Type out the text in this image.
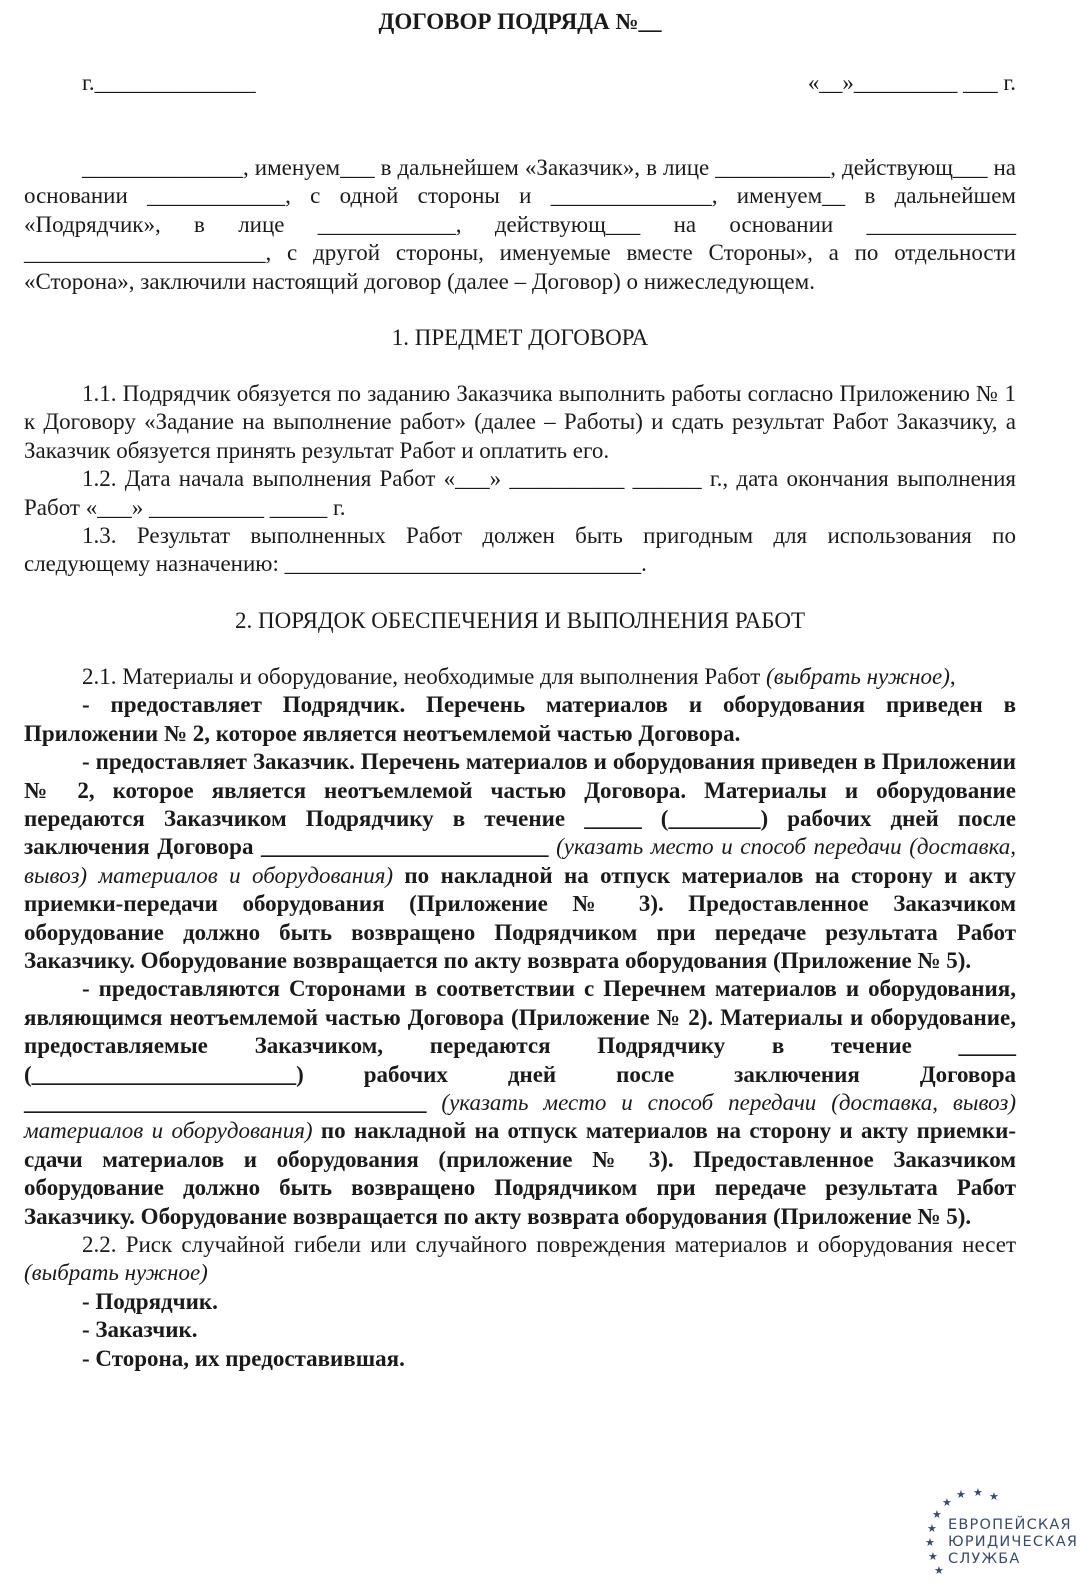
ДОГОВОР ПОДРЯДА №__
г.______________	«__»_________ ___ г.

______________, именуем___ в дальнейшем «Заказчик», в лице __________, действующ___ на основании ____________, с одной стороны и ______________, именуем__ в дальнейшем «Подрядчик», в лице ____________, действующ___ на основании _____________ _____________________, с другой стороны, именуемые вместе Стороны», а по отдельности «Сторона», заключили настоящий договор (далее – Договор) о нижеследующем.

1. ПРЕДМЕТ ДОГОВОРА

1.1. Подрядчик обязуется по заданию Заказчика выполнить работы согласно Приложению № 1 к Договору «Задание на выполнение работ» (далее – Работы) и сдать результат Работ Заказчику, а Заказчик обязуется принять результат Работ и оплатить его.

1.2. Дата начала выполнения Работ «___» __________ ______ г., дата окончания выполнения Работ «___» __________ _____ г.

1.3. Результат выполненных Работ должен быть пригодным для использования по следующему назначению: _______________________________.

2. ПОРЯДОК ОБЕСПЕЧЕНИЯ И ВЫПОЛНЕНИЯ РАБОТ

2.1. Материалы и оборудование, необходимые для выполнения Работ (выбрать нужное),

- предоставляет Подрядчик. Перечень материалов и оборудования приведен в Приложении № 2, которое является неотъемлемой частью Договора.

- предоставляет Заказчик. Перечень материалов и оборудования приведен в Приложении № 2, которое является неотъемлемой частью Договора. Материалы и оборудование передаются Заказчиком Подрядчику в течение _____ (________) рабочих дней после заключения Договора _________________________ (указать место и способ передачи (доставка, вывоз) материалов и оборудования) по накладной на отпуск материалов на сторону и акту приемки-передачи оборудования (Приложение № 3). Предоставленное Заказчиком оборудование должно быть возвращено Подрядчиком при передаче результата Работ Заказчику. Оборудование возвращается по акту возврата оборудования (Приложение № 5).

- предоставляются Сторонами в соответствии с Перечнем материалов и оборудования, являющимся неотъемлемой частью Договора (Приложение № 2). Материалы и оборудование, предоставляемые Заказчиком, передаются Подрядчику в течение _____ (_______________________) рабочих дней после заключения Договора ___________________________________ (указать место и способ передачи (доставка, вывоз) материалов и оборудования) по накладной на отпуск материалов на сторону и акту приемки-сдачи материалов и оборудования (приложение № 3). Предоставленное Заказчиком оборудование должно быть возвращено Подрядчиком при передаче результата Работ Заказчику. Оборудование возвращается по акту возврата оборудования (Приложение № 5).

2.2. Риск случайной гибели или случайного повреждения материалов и оборудования несет (выбрать нужное)

- Подрядчик.
- Заказчик.
- Сторона, их предоставившая.
★ ★ ★
★
★
★
★
★
★
ЕВРОПЕЙСКАЯ
ЮРИДИЧЕСКАЯ
СЛУЖБА
